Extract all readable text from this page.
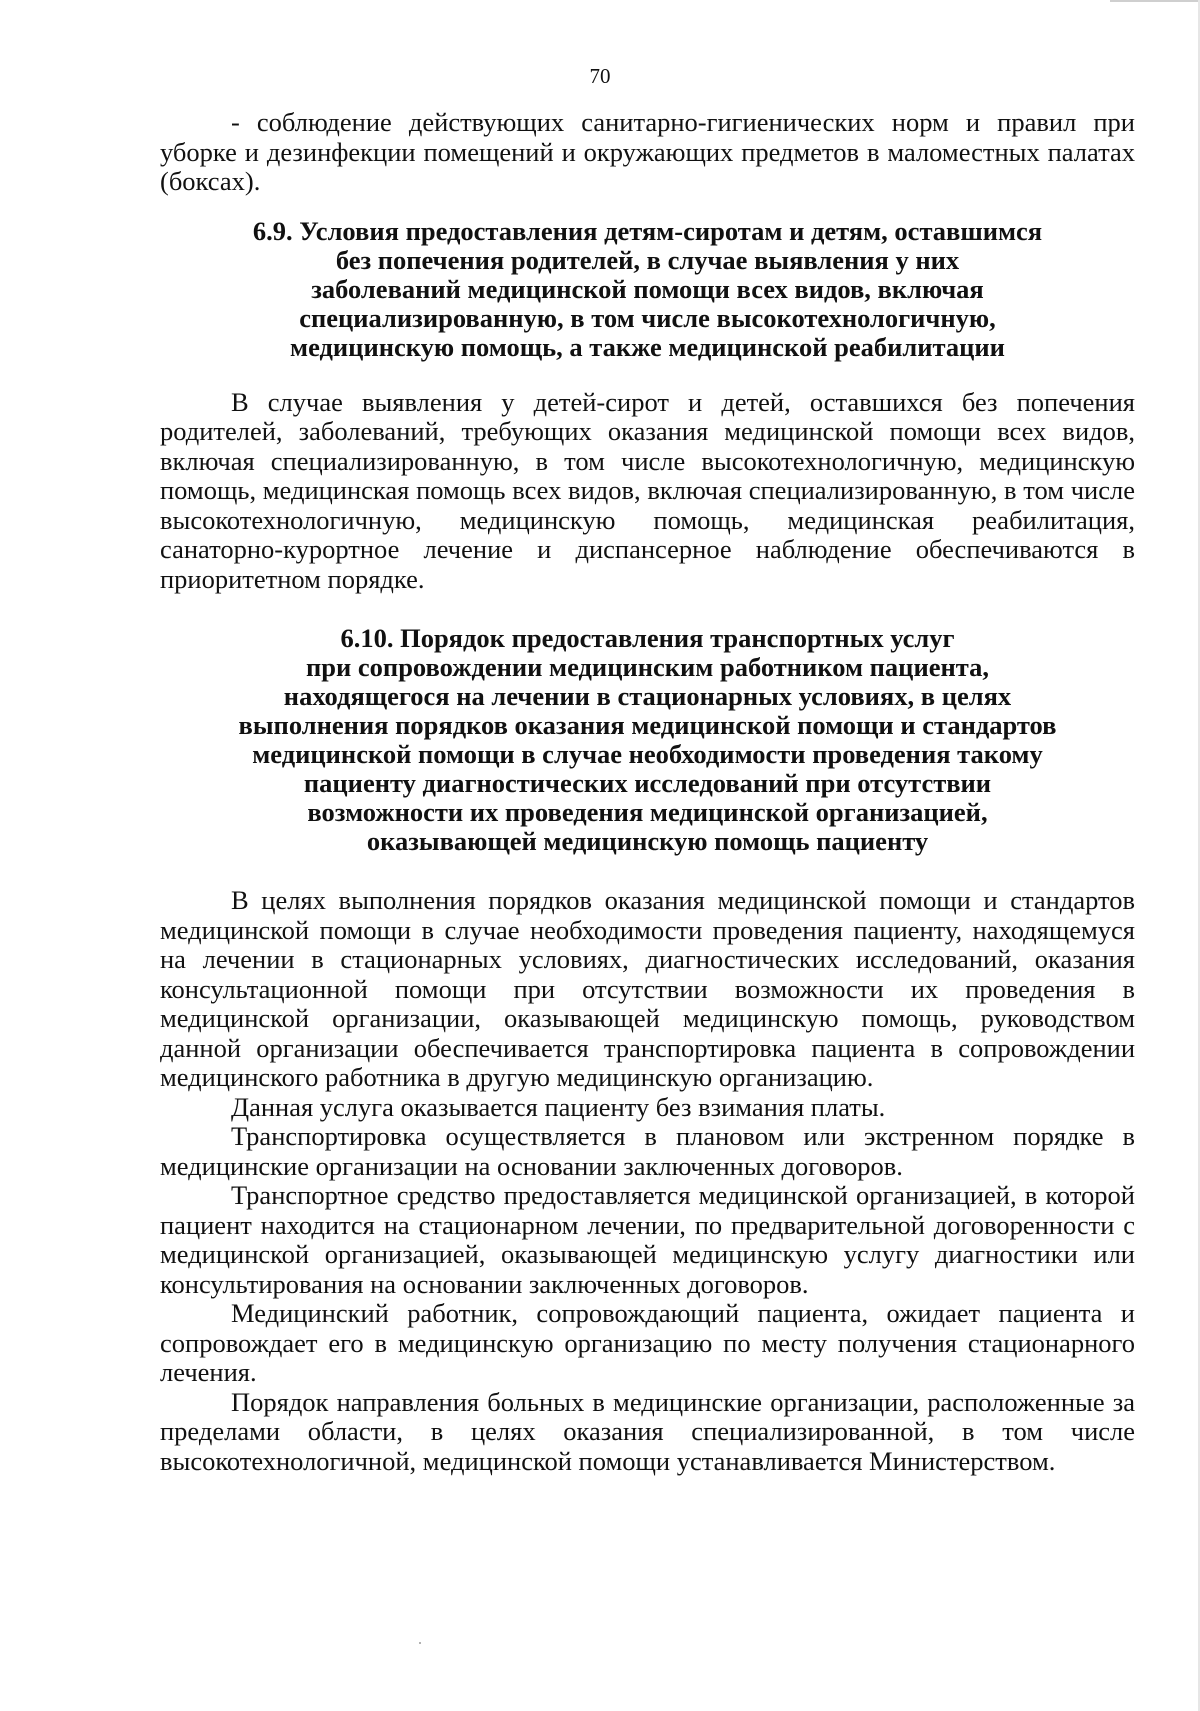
70

- соблюдение действующих санитарно-гигиенических норм и правил при уборке и дезинфекции помещений и окружающих предметов в маломестных палатах (боксах).

6.9. Условия предоставления детям-сиротам и детям, оставшимся
без попечения родителей, в случае выявления у них
заболеваний медицинской помощи всех видов, включая
специализированную, в том числе высокотехнологичную,
медицинскую помощь, а также медицинской реабилитации

В случае выявления у детей-сирот и детей, оставшихся без попечения родителей, заболеваний, требующих оказания медицинской помощи всех видов, включая специализированную, в том числе высокотехнологичную, медицинскую помощь, медицинская помощь всех видов, включая специализированную, в том числе высокотехнологичную, медицинскую помощь, медицинская реабилитация, санаторно-курортное лечение и диспансерное наблюдение обеспечиваются в приоритетном порядке.

6.10. Порядок предоставления транспортных услуг
при сопровождении медицинским работником пациента,
находящегося на лечении в стационарных условиях, в целях
выполнения порядков оказания медицинской помощи и стандартов
медицинской помощи в случае необходимости проведения такому
пациенту диагностических исследований при отсутствии
возможности их проведения медицинской организацией,
оказывающей медицинскую помощь пациенту

В целях выполнения порядков оказания медицинской помощи и стандартов медицинской помощи в случае необходимости проведения пациенту, находящемуся на лечении в стационарных условиях, диагностических исследований, оказания консультационной помощи при отсутствии возможности их проведения в медицинской организации, оказывающей медицинскую помощь, руководством данной организации обеспечивается транспортировка пациента в сопровождении медицинского работника в другую медицинскую организацию.

Данная услуга оказывается пациенту без взимания платы.

Транспортировка осуществляется в плановом или экстренном порядке в медицинские организации на основании заключенных договоров.

Транспортное средство предоставляется медицинской организацией, в которой пациент находится на стационарном лечении, по предварительной договоренности с медицинской организацией, оказывающей медицинскую услугу диагностики или консультирования на основании заключенных договоров.

Медицинский работник, сопровождающий пациента, ожидает пациента и сопровождает его в медицинскую организацию по месту получения стационарного лечения.

Порядок направления больных в медицинские организации, расположенные за пределами области, в целях оказания специализированной, в том числе высокотехнологичной, медицинской помощи устанавливается Министерством.
